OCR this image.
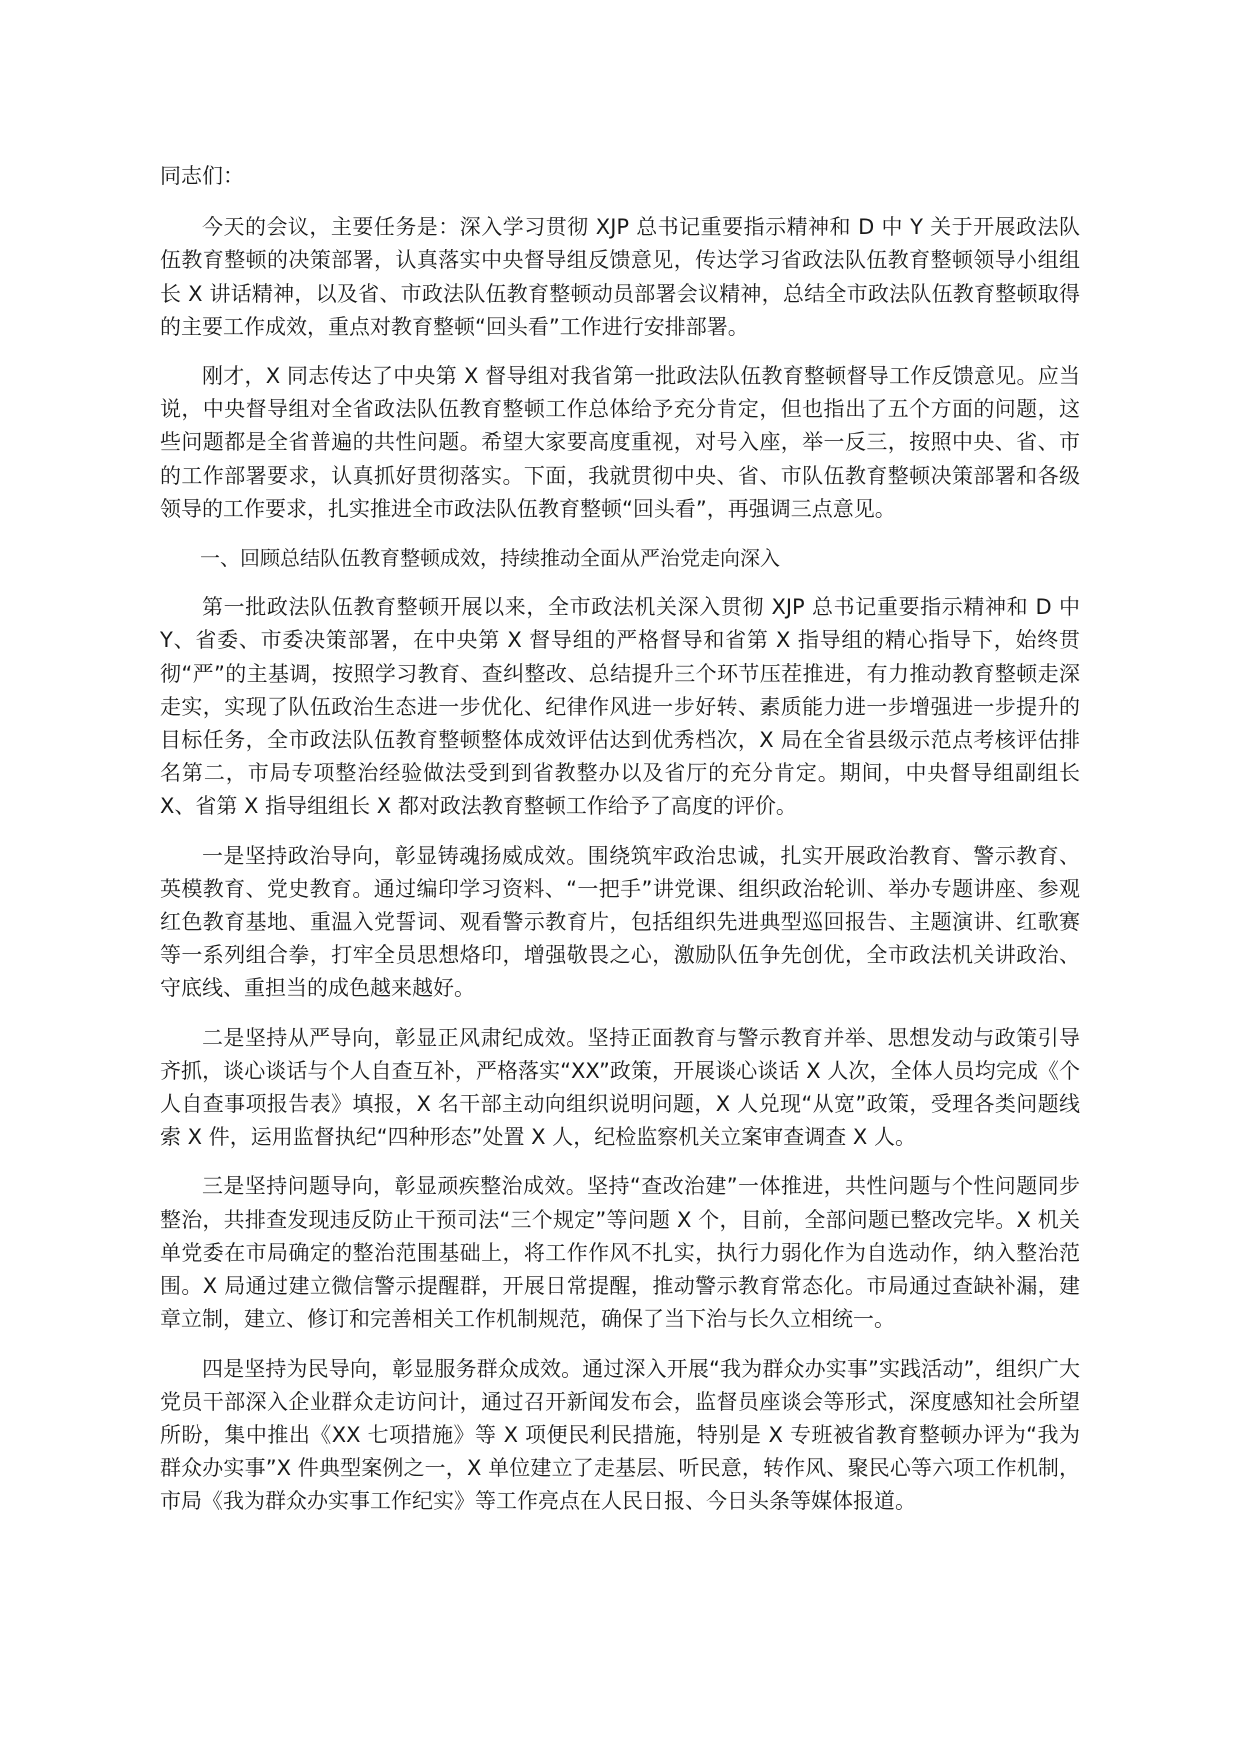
同志们：

今天的会议，主要任务是：深入学习贯彻 XJP 总书记重要指示精神和 D 中 Y 关于开展政法队伍教育整顿的决策部署，认真落实中央督导组反馈意见，传达学习省政法队伍教育整顿领导小组组长 X 讲话精神，以及省、市政法队伍教育整顿动员部署会议精神，总结全市政法队伍教育整顿取得的主要工作成效，重点对教育整顿“回头看”工作进行安排部署。

刚才，X 同志传达了中央第 X 督导组对我省第一批政法队伍教育整顿督导工作反馈意见。应当说，中央督导组对全省政法队伍教育整顿工作总体给予充分肯定，但也指出了五个方面的问题，这些问题都是全省普遍的共性问题。希望大家要高度重视，对号入座，举一反三，按照中央、省、市的工作部署要求，认真抓好贯彻落实。下面，我就贯彻中央、省、市队伍教育整顿决策部署和各级领导的工作要求，扎实推进全市政法队伍教育整顿“回头看”，再强调三点意见。

一、回顾总结队伍教育整顿成效，持续推动全面从严治党走向深入

第一批政法队伍教育整顿开展以来，全市政法机关深入贯彻 XJP 总书记重要指示精神和 D 中 Y、省委、市委决策部署，在中央第 X 督导组的严格督导和省第 X 指导组的精心指导下，始终贯彻“严”的主基调，按照学习教育、查纠整改、总结提升三个环节压茬推进，有力推动教育整顿走深走实，实现了队伍政治生态进一步优化、纪律作风进一步好转、素质能力进一步增强进一步提升的目标任务，全市政法队伍教育整顿整体成效评估达到优秀档次，X 局在全省县级示范点考核评估排名第二，市局专项整治经验做法受到到省教整办以及省厅的充分肯定。期间，中央督导组副组长 X、省第 X 指导组组长 X 都对政法教育整顿工作给予了高度的评价。

一是坚持政治导向，彰显铸魂扬威成效。围绕筑牢政治忠诚，扎实开展政治教育、警示教育、英模教育、党史教育。通过编印学习资料、“一把手”讲党课、组织政治轮训、举办专题讲座、参观红色教育基地、重温入党誓词、观看警示教育片，包括组织先进典型巡回报告、主题演讲、红歌赛等一系列组合拳，打牢全员思想烙印，增强敬畏之心，激励队伍争先创优，全市政法机关讲政治、守底线、重担当的成色越来越好。

二是坚持从严导向，彰显正风肃纪成效。坚持正面教育与警示教育并举、思想发动与政策引导齐抓，谈心谈话与个人自查互补，严格落实“XX”政策，开展谈心谈话 X 人次，全体人员均完成《个人自查事项报告表》填报，X 名干部主动向组织说明问题，X 人兑现“从宽”政策，受理各类问题线索 X 件，运用监督执纪“四种形态”处置 X 人，纪检监察机关立案审查调查 X 人。

三是坚持问题导向，彰显顽疾整治成效。坚持“查改治建”一体推进，共性问题与个性问题同步整治，共排查发现违反防止干预司法“三个规定”等问题 X 个，目前，全部问题已整改完毕。X 机关单党委在市局确定的整治范围基础上，将工作作风不扎实，执行力弱化作为自选动作，纳入整治范围。X 局通过建立微信警示提醒群，开展日常提醒，推动警示教育常态化。市局通过查缺补漏，建章立制，建立、修订和完善相关工作机制规范，确保了当下治与长久立相统一。

四是坚持为民导向，彰显服务群众成效。通过深入开展“我为群众办实事”实践活动”，组织广大党员干部深入企业群众走访问计，通过召开新闻发布会，监督员座谈会等形式，深度感知社会所望所盼，集中推出《XX 七项措施》等 X 项便民利民措施，特别是 X 专班被省教育整顿办评为“我为群众办实事”X 件典型案例之一，X 单位建立了走基层、听民意，转作风、聚民心等六项工作机制，市局《我为群众办实事工作纪实》等工作亮点在人民日报、今日头条等媒体报道。
